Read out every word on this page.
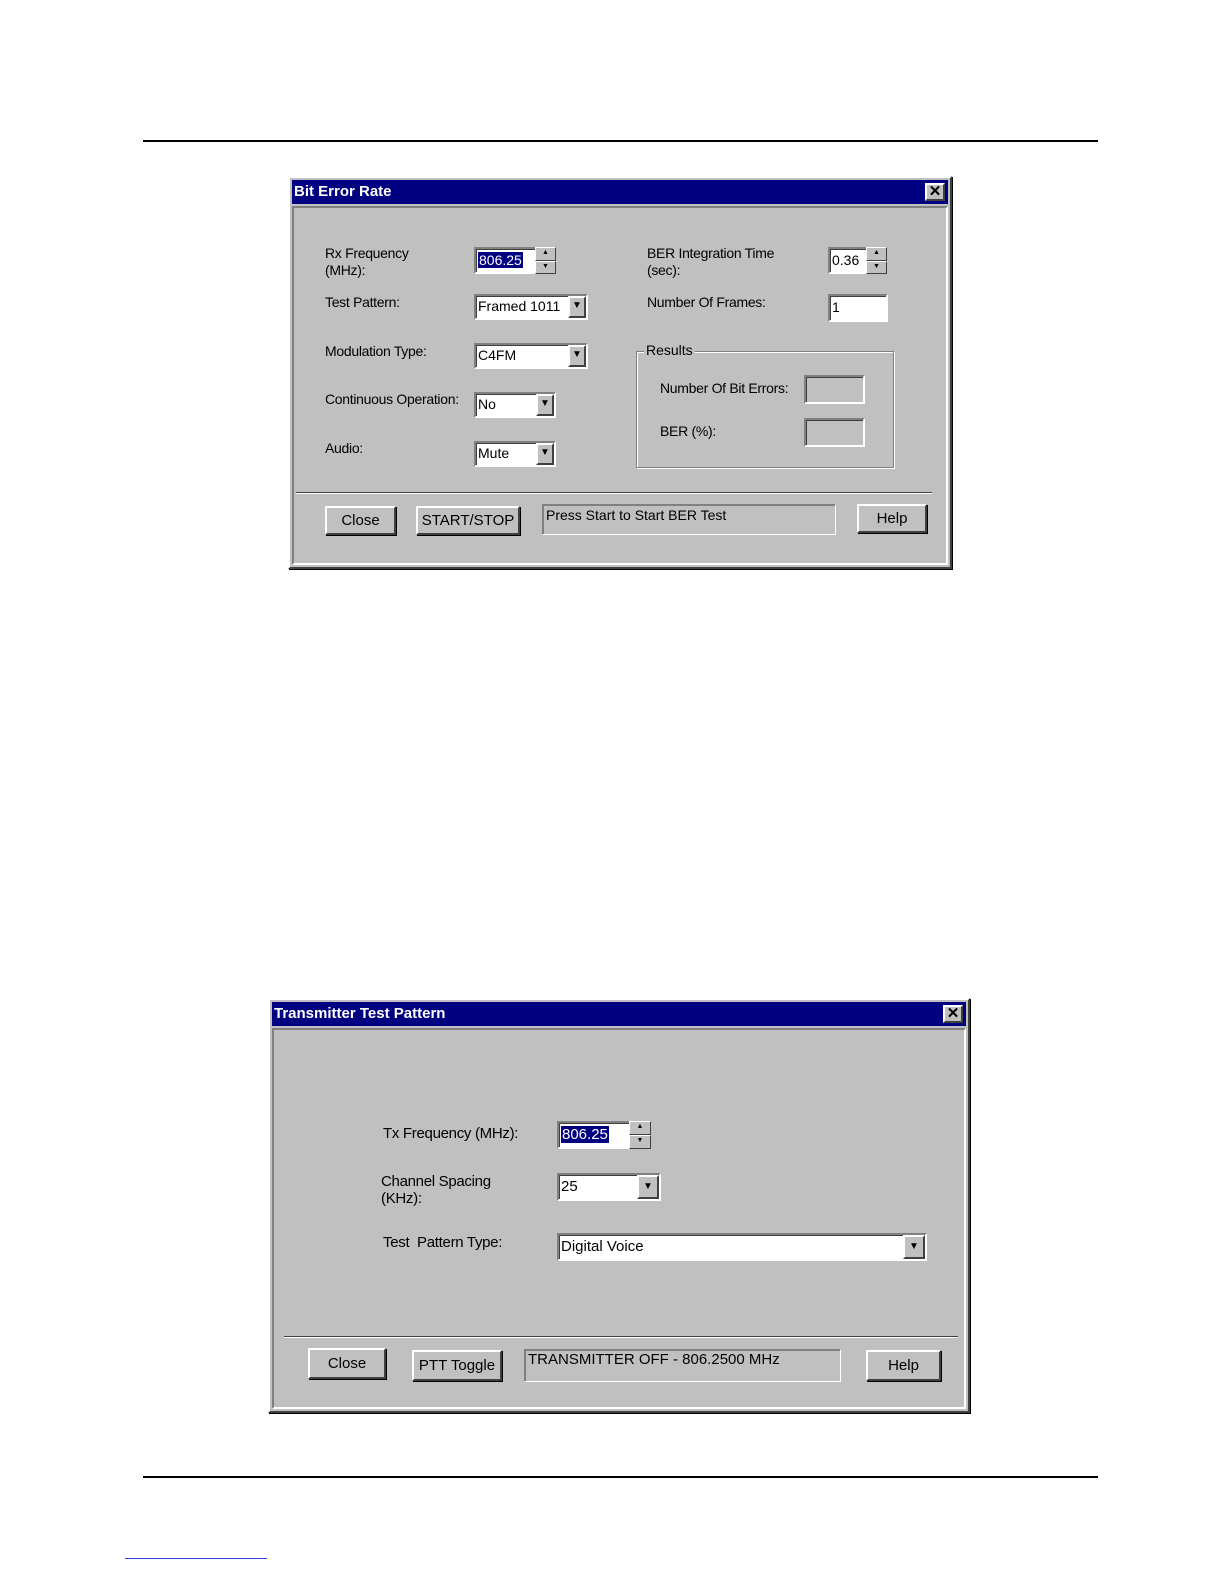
Bit Error Rate	✕
Rx Frequency
(MHz):
806.25	▲
▼
Test Pattern:	Framed 1011	▼
Modulation Type:	C4FM	▼
Continuous Operation: No	▼
Audio:	Mute	▼
BER Integration Time
(sec):
0.36	▲
▼
Number Of Frames:	1
Results
Number Of Bit Errors:
BER (%):
Close	START/STOP	Press Start to Start BER Test	Help
Transmitter Test Pattern	✕
Tx Frequency (MHz):	806.25	▲
▼
Channel Spacing
(KHz):
25	▼
Test  Pattern Type:	Digital Voice	▼
Close	PTT Toggle	TRANSMITTER OFF - 806.2500 MHz	Help
